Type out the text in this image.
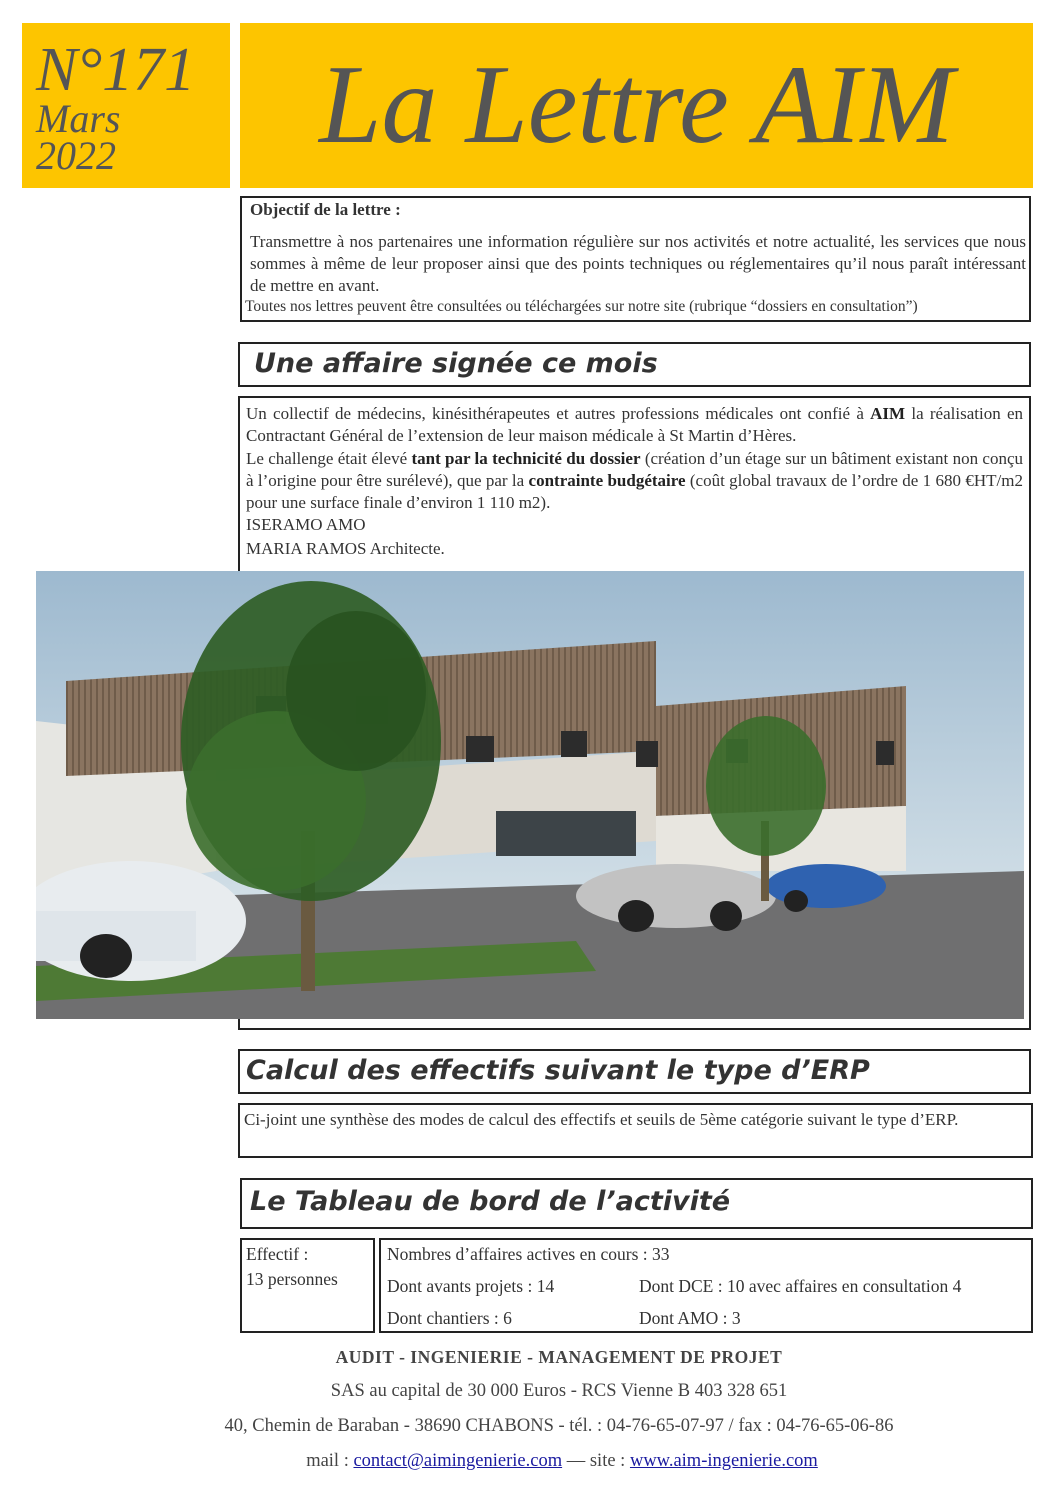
N°171
Mars
2022	La Lettre AIM
Objectif de la lettre :
Transmettre à nos partenaires une information régulière sur nos activités et notre actualité, les services que nous sommes à même de leur proposer ainsi que des points techniques ou réglementaires qu’il nous paraît intéressant de mettre en avant.
Toutes nos lettres peuvent être consultées ou téléchargées sur notre site (rubrique “dossiers en consultation”)
Une affaire signée ce mois
Un collectif de médecins, kinésithérapeutes et autres professions médicales ont confié à AIM la réalisation en Contractant Général de l’extension de leur maison médicale à St Martin d’Hères.
Le challenge était élevé tant par la technicité du dossier (création d’un étage sur un bâtiment existant non conçu à l’origine pour être surélevé), que par la contrainte budgétaire (coût global travaux de l’ordre de 1 680 €HT/m2 pour une surface finale d’environ 1 110 m2).
ISERAMO AMO
MARIA RAMOS Architecte.
Calcul des effectifs suivant le type d’ERP
Ci-joint une synthèse des modes de calcul des effectifs et seuils de 5ème catégorie suivant le type d’ERP.
Le Tableau de bord de l’activité
Effectif :
13 personnes
Nombres d’affaires actives en cours : 33
Dont avants projets : 14	Dont DCE : 10 avec affaires en consultation 4
Dont chantiers : 6	Dont AMO : 3
AUDIT - INGENIERIE - MANAGEMENT DE PROJET
SAS au capital de 30 000 Euros - RCS Vienne B 403 328 651
40, Chemin de Baraban - 38690 CHABONS - tél. : 04-76-65-07-97 / fax : 04-76-65-06-86
mail : contact@aimingenierie.com — site : www.aim-ingenierie.com
